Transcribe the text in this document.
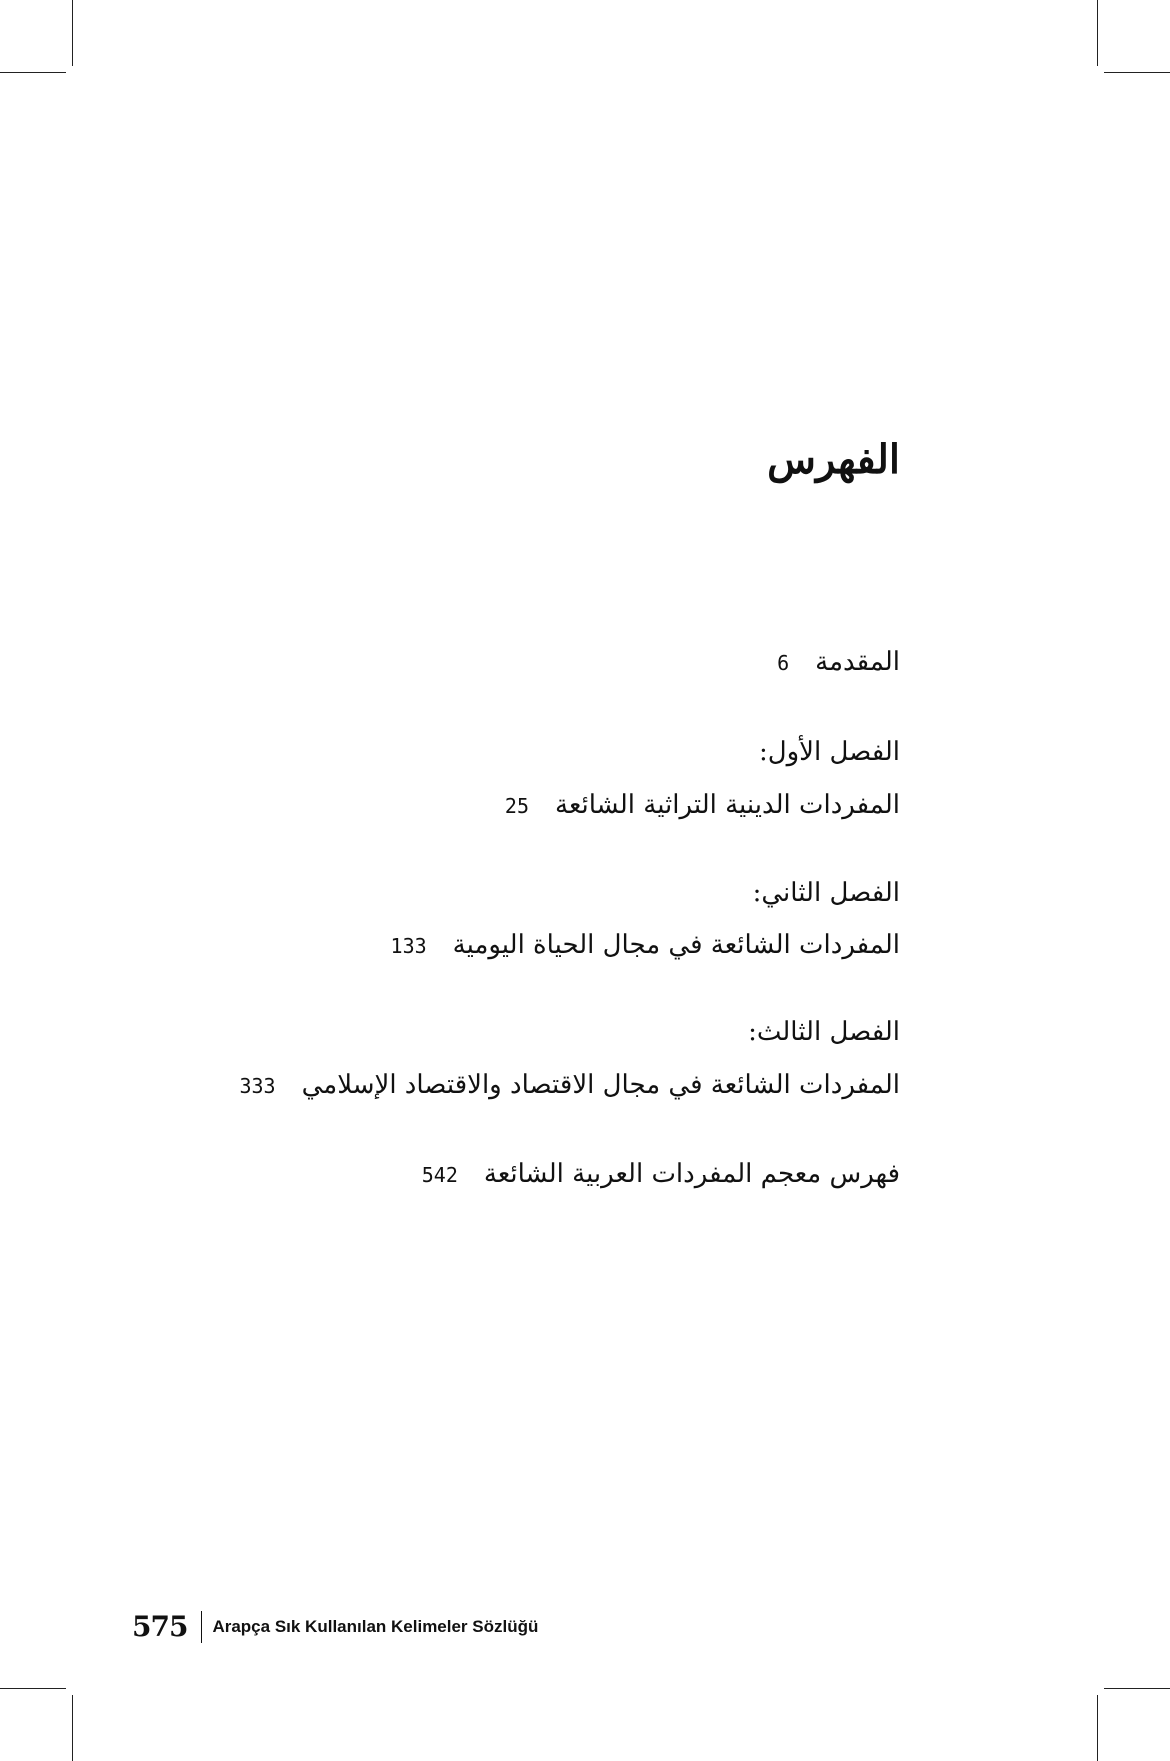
الفهرس
المقدمة6
الفصل الأول:
المفردات الدينية التراثية الشائعة25
الفصل الثاني:
المفردات الشائعة في مجال الحياة اليومية133
الفصل الثالث:
المفردات الشائعة في مجال الاقتصاد والاقتصاد الإسلامي333
فهرس معجم المفردات العربية الشائعة542
575 Arapça Sık Kullanılan Kelimeler Sözlüğü
